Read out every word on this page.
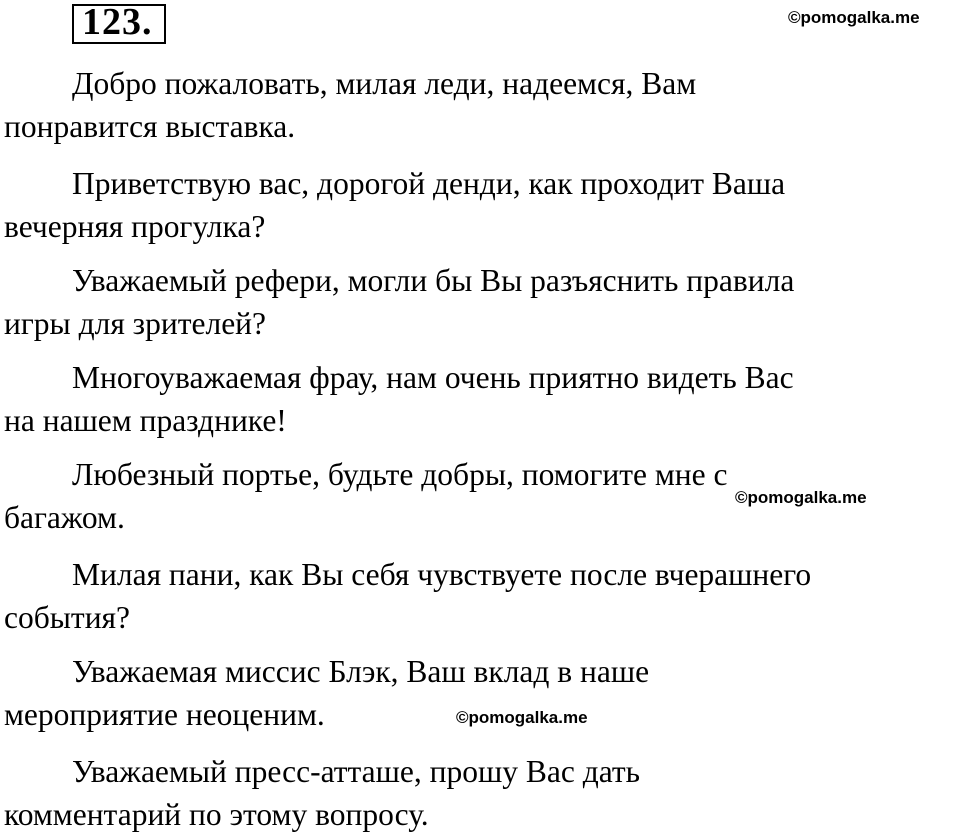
123.	©pomogalka.me
©pomogalka.me
©pomogalka.me

Добро пожаловать, милая леди, надеемся, Вам
понравится выставка.

Приветствую вас, дорогой денди, как проходит Ваша
вечерняя прогулка?

Уважаемый рефери, могли бы Вы разъяснить правила
игры для зрителей?

Многоуважаемая фрау, нам очень приятно видеть Вас
на нашем празднике!

Любезный портье, будьте добры, помогите мне с
багажом.

Милая пани, как Вы себя чувствуете после вчерашнего
события?

Уважаемая миссис Блэк, Ваш вклад в наше
мероприятие неоценим.

Уважаемый пресс-атташе, прошу Вас дать
комментарий по этому вопросу.
